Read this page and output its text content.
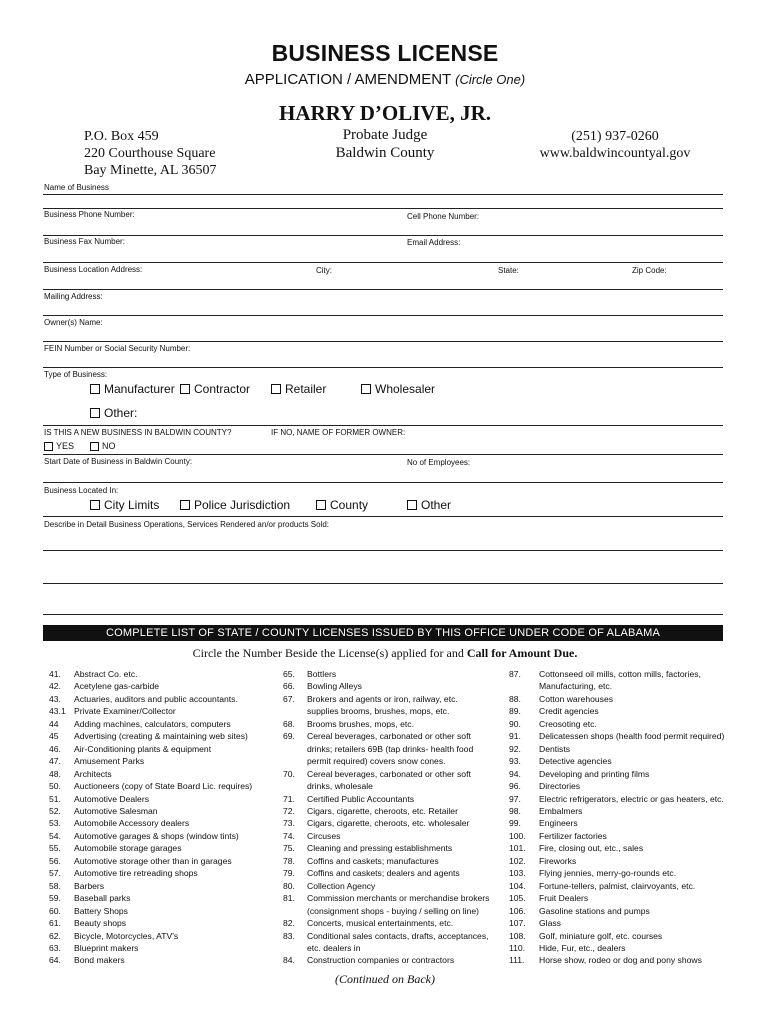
BUSINESS LICENSE
APPLICATION / AMENDMENT (Circle One)
HARRY D’OLIVE, JR.
P.O. Box 459
220 Courthouse Square
Bay Minette, AL 36507
Probate Judge
Baldwin County
(251) 937-0260
www.baldwincountyal.gov
Name of Business
Business Phone Number:	Cell Phone Number:
Business Fax Number:	Email Address:
Business Location Address:	City:	State:	Zip Code:
Mailing Address:
Owner(s) Name:
FEIN Number or Social Security Number:
Type of Business:
Manufacturer Contractor	Retailer	Wholesaler
Other:
IS THIS A NEW BUSINESS IN BALDWIN COUNTY?	IF NO, NAME OF FORMER OWNER:
YES	NO
Start Date of Business in Baldwin County:	No of Employees:
Business Located In:
City Limits	Police Jurisdiction	County	Other
Describe in Detail Business Operations, Services Rendered an/or products Sold:
COMPLETE LIST OF STATE / COUNTY LICENSES ISSUED BY THIS OFFICE UNDER CODE OF ALABAMA
Circle the Number Beside the License(s) applied for and Call for Amount Due.
41.	Abstract Co. etc.
42.	Acetylene gas-carbide
43.	Actuaries, auditors and public accountants.
43.1 Private Examiner/Collector
44	Adding machines, calculators, computers
45	Advertising (creating & maintaining web sites)
46.	Air-Conditioning plants & equipment
47.	Amusement Parks
48.	Architects
50.	Auctioneers (copy of State Board Lic. requires)
51.	Automotive Dealers
52.	Automotive Salesman
53.	Automobile Accessory dealers
54.	Automotive garages & shops (window tints)
55.	Automobile storage garages
56.	Automotive storage other than in garages
57.	Automotive tire retreading shops
58.	Barbers
59.	Baseball parks
60.	Battery Shops
61.	Beauty shops
62.	Bicycle, Motorcycles, ATV's
63.	Blueprint makers
64.	Bond makers
65.	Bottlers
66.	Bowling Alleys
67.	Brokers and agents or iron, railway, etc.
supplies brooms, brushes, mops, etc.
68.	Brooms brushes, mops, etc.
69.	Cereal beverages, carbonated or other soft
drinks; retailers 69B (tap drinks- health food
permit required) covers snow cones.
70.	Cereal beverages, carbonated or other soft
drinks, wholesale
71.	Certified Public Accountants
72.	Cigars, cigarette, cheroots, etc. Retailer
73.	Cigars, cigarette, cheroots, etc. wholesaler
74.	Circuses
75.	Cleaning and pressing establishments
78.	Coffins and caskets; manufactures
79.	Coffins and caskets; dealers and agents
80.	Collection Agency
81.	Commission merchants or merchandise brokers
(consignment shops - buying / selling on line)
82.	Concerts, musical entertainments, etc.
83.	Conditional sales contacts, drafts, acceptances,
etc. dealers in
84.	Construction companies or contractors
87.	Cottonseed oil mills, cotton mills, factories,
Manufacturing, etc.
88.	Cotton warehouses
89.	Credit agencies
90.	Creosoting etc.
91.	Delicatessen shops (health food permit required)
92.	Dentists
93.	Detective agencies
94.	Developing and printing films
96.	Directories
97.	Electric refrigerators, electric or gas heaters, etc.
98.	Embalmers
99.	Engineers
100.	Fertilizer factories
101.	Fire, closing out, etc., sales
102.	Fireworks
103.	Flying jennies, merry-go-rounds etc.
104.	Fortune-tellers, palmist, clairvoyants, etc.
105.	Fruit Dealers
106.	Gasoline stations and pumps
107.	Glass
108.	Golf, miniature golf, etc. courses
110.	Hide, Fur, etc., dealers
111.	Horse show, rodeo or dog and pony shows
(Continued on Back)
